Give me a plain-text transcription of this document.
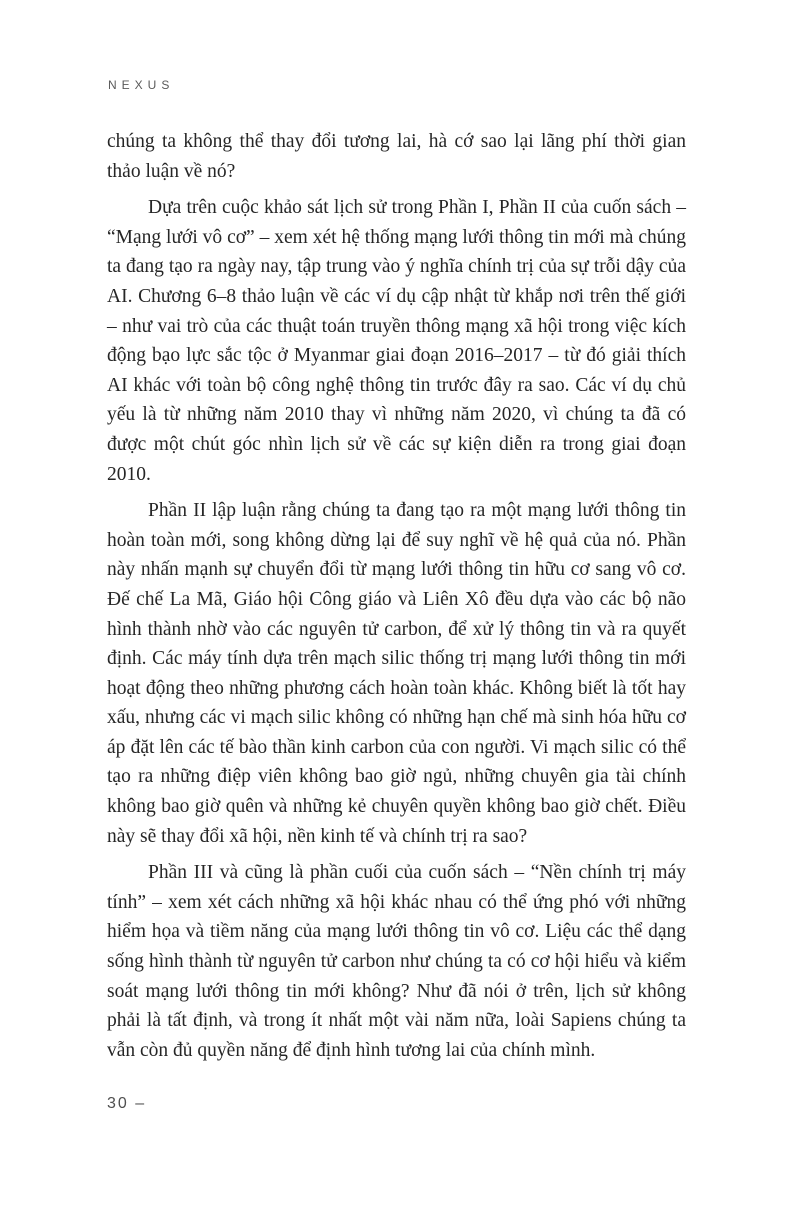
NEXUS

chúng ta không thể thay đổi tương lai, hà cớ sao lại lãng phí thời gian thảo luận về nó?

Dựa trên cuộc khảo sát lịch sử trong Phần I, Phần II của cuốn sách – “Mạng lưới vô cơ” – xem xét hệ thống mạng lưới thông tin mới mà chúng ta đang tạo ra ngày nay, tập trung vào ý nghĩa chính trị của sự trỗi dậy của AI. Chương 6–8 thảo luận về các ví dụ cập nhật từ khắp nơi trên thế giới – như vai trò của các thuật toán truyền thông mạng xã hội trong việc kích động bạo lực sắc tộc ở Myanmar giai đoạn 2016–2017 – từ đó giải thích AI khác với toàn bộ công nghệ thông tin trước đây ra sao. Các ví dụ chủ yếu là từ những năm 2010 thay vì những năm 2020, vì chúng ta đã có được một chút góc nhìn lịch sử về các sự kiện diễn ra trong giai đoạn 2010.

Phần II lập luận rằng chúng ta đang tạo ra một mạng lưới thông tin hoàn toàn mới, song không dừng lại để suy nghĩ về hệ quả của nó. Phần này nhấn mạnh sự chuyển đổi từ mạng lưới thông tin hữu cơ sang vô cơ. Đế chế La Mã, Giáo hội Công giáo và Liên Xô đều dựa vào các bộ não hình thành nhờ vào các nguyên tử carbon, để xử lý thông tin và ra quyết định. Các máy tính dựa trên mạch silic thống trị mạng lưới thông tin mới hoạt động theo những phương cách hoàn toàn khác. Không biết là tốt hay xấu, nhưng các vi mạch silic không có những hạn chế mà sinh hóa hữu cơ áp đặt lên các tế bào thần kinh carbon của con người. Vi mạch silic có thể tạo ra những điệp viên không bao giờ ngủ, những chuyên gia tài chính không bao giờ quên và những kẻ chuyên quyền không bao giờ chết. Điều này sẽ thay đổi xã hội, nền kinh tế và chính trị ra sao?

Phần III và cũng là phần cuối của cuốn sách – “Nền chính trị máy tính” – xem xét cách những xã hội khác nhau có thể ứng phó với những hiểm họa và tiềm năng của mạng lưới thông tin vô cơ. Liệu các thể dạng sống hình thành từ nguyên tử carbon như chúng ta có cơ hội hiểu và kiểm soát mạng lưới thông tin mới không? Như đã nói ở trên, lịch sử không phải là tất định, và trong ít nhất một vài năm nữa, loài Sapiens chúng ta vẫn còn đủ quyền năng để định hình tương lai của chính mình.

30 –
